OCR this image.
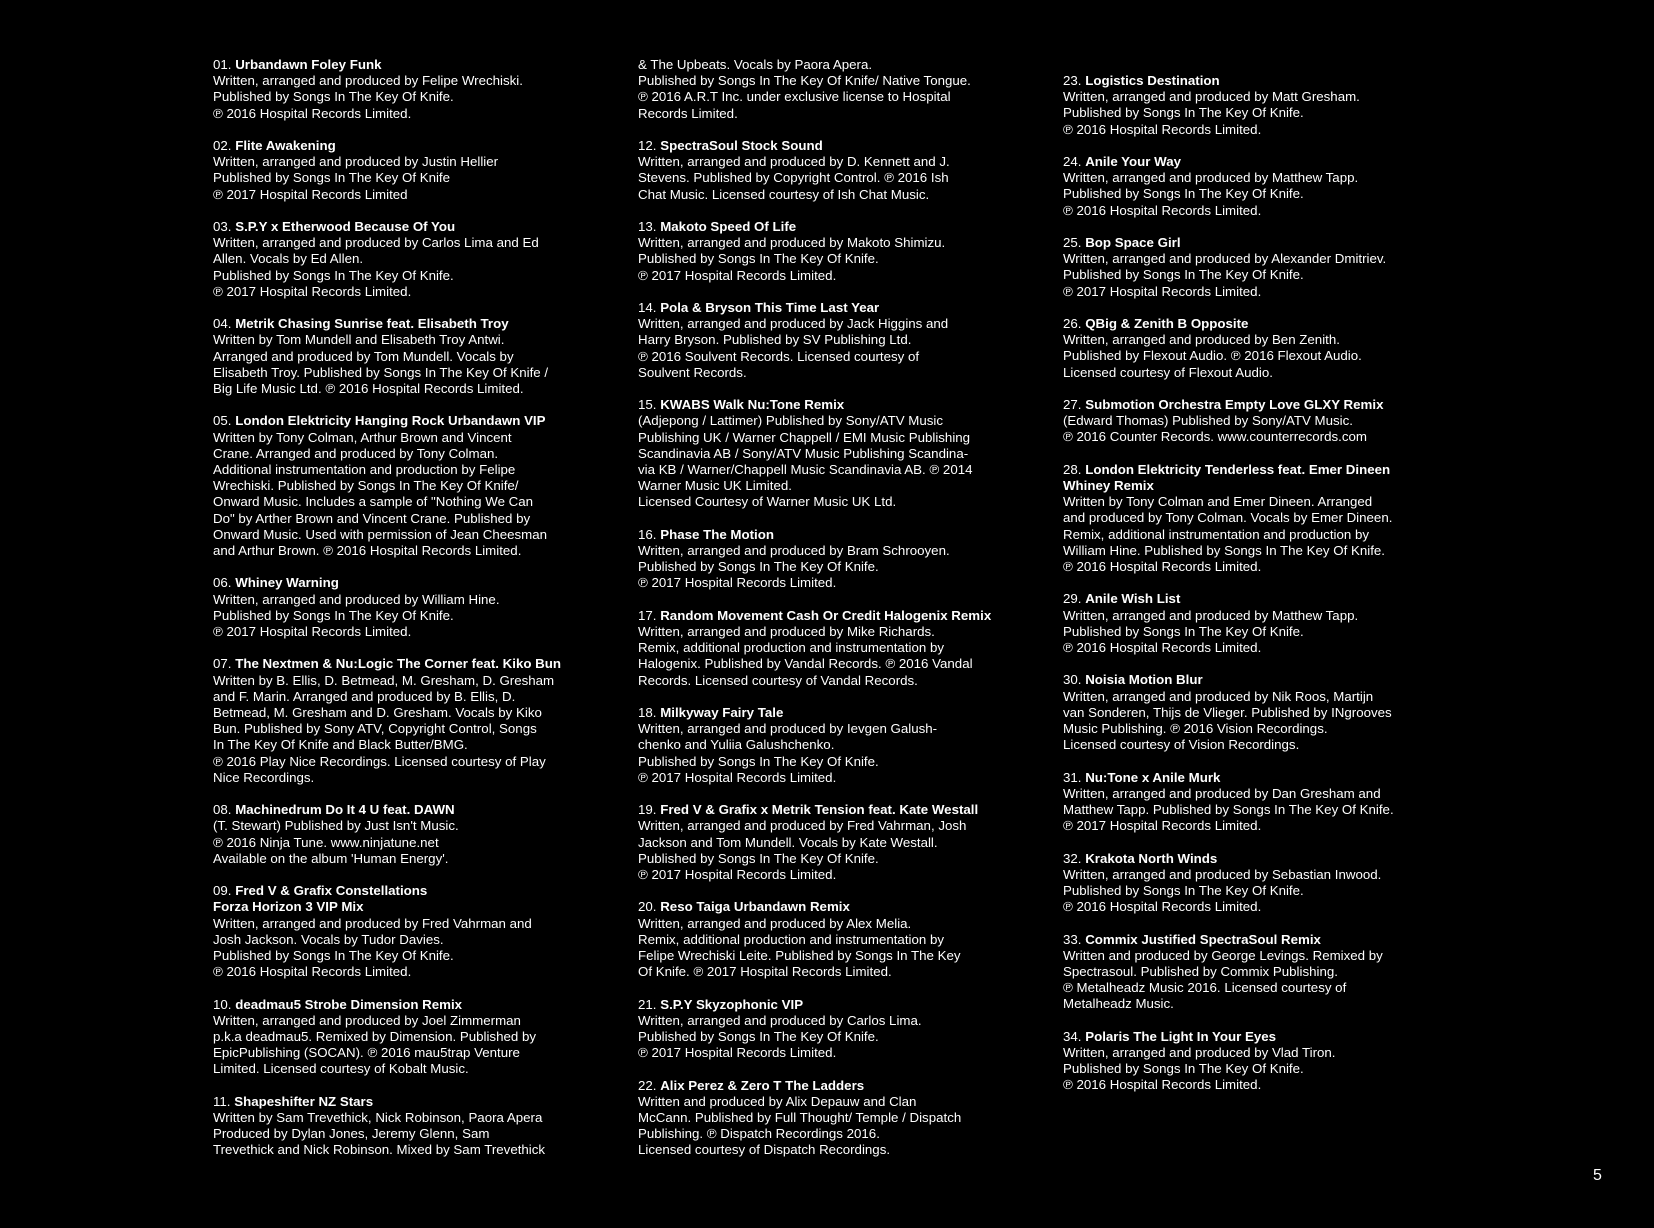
01. Urbandawn Foley Funk
Written, arranged and produced by Felipe Wrechiski.
Published by Songs In The Key Of Knife.
℗ 2016 Hospital Records Limited.
02. Flite Awakening
Written, arranged and produced by Justin Hellier
Published by Songs In The Key Of Knife
℗ 2017 Hospital Records Limited
03. S.P.Y x Etherwood Because Of You
Written, arranged and produced by Carlos Lima and Ed
Allen. Vocals by Ed Allen.
Published by Songs In The Key Of Knife.
℗ 2017 Hospital Records Limited.
04. Metrik Chasing Sunrise feat. Elisabeth Troy
Written by Tom Mundell and Elisabeth Troy Antwi.
Arranged and produced by Tom Mundell. Vocals by
Elisabeth Troy. Published by Songs In The Key Of Knife /
Big Life Music Ltd. ℗ 2016 Hospital Records Limited.
05. London Elektricity Hanging Rock Urbandawn VIP
Written by Tony Colman, Arthur Brown and Vincent
Crane. Arranged and produced by Tony Colman.
Additional instrumentation and production by Felipe
Wrechiski. Published by Songs In The Key Of Knife/
Onward Music. Includes a sample of "Nothing We Can
Do" by Arther Brown and Vincent Crane. Published by
Onward Music. Used with permission of Jean Cheesman
and Arthur Brown. ℗ 2016 Hospital Records Limited.
06. Whiney Warning
Written, arranged and produced by William Hine.
Published by Songs In The Key Of Knife.
℗ 2017 Hospital Records Limited.
07. The Nextmen & Nu:Logic The Corner feat. Kiko Bun
Written by B. Ellis, D. Betmead, M. Gresham, D. Gresham
and F. Marin. Arranged and produced by B. Ellis, D.
Betmead, M. Gresham and D. Gresham. Vocals by Kiko
Bun. Published by Sony ATV, Copyright Control, Songs
In The Key Of Knife and Black Butter/BMG.
℗ 2016 Play Nice Recordings. Licensed courtesy of Play
Nice Recordings.
08. Machinedrum Do It 4 U feat. DAWN
(T. Stewart) Published by Just Isn't Music.
℗ 2016 Ninja Tune. www.ninjatune.net
Available on the album 'Human Energy'.
09. Fred V & Grafix Constellations
Forza Horizon 3 VIP Mix
Written, arranged and produced by Fred Vahrman and
Josh Jackson. Vocals by Tudor Davies.
Published by Songs In The Key Of Knife.
℗ 2016 Hospital Records Limited.
10. deadmau5 Strobe Dimension Remix
Written, arranged and produced by Joel Zimmerman
p.k.a deadmau5. Remixed by Dimension. Published by
EpicPublishing (SOCAN). ℗ 2016 mau5trap Venture
Limited. Licensed courtesy of Kobalt Music.
11. Shapeshifter NZ Stars
Written by Sam Trevethick, Nick Robinson, Paora Apera
Produced by Dylan Jones, Jeremy Glenn, Sam
Trevethick and Nick Robinson. Mixed by Sam Trevethick
& The Upbeats. Vocals by Paora Apera.
Published by Songs In The Key Of Knife/ Native Tongue.
℗ 2016 A.R.T Inc. under exclusive license to Hospital
Records Limited.
12. SpectraSoul Stock Sound
Written, arranged and produced by D. Kennett and J.
Stevens. Published by Copyright Control. ℗ 2016 Ish
Chat Music. Licensed courtesy of Ish Chat Music.
13. Makoto Speed Of Life
Written, arranged and produced by Makoto Shimizu.
Published by Songs In The Key Of Knife.
℗ 2017 Hospital Records Limited.
14. Pola & Bryson This Time Last Year
Written, arranged and produced by Jack Higgins and
Harry Bryson. Published by SV Publishing Ltd.
℗ 2016 Soulvent Records. Licensed courtesy of
Soulvent Records.
15. KWABS Walk Nu:Tone Remix
(Adjepong / Lattimer) Published by Sony/ATV Music
Publishing UK / Warner Chappell / EMI Music Publishing
Scandinavia AB / Sony/ATV Music Publishing Scandina-
via KB / Warner/Chappell Music Scandinavia AB. ℗ 2014
Warner Music UK Limited.
Licensed Courtesy of Warner Music UK Ltd.
16. Phase The Motion
Written, arranged and produced by Bram Schrooyen.
Published by Songs In The Key Of Knife.
℗ 2017 Hospital Records Limited.
17. Random Movement Cash Or Credit Halogenix Remix
Written, arranged and produced by Mike Richards.
Remix, additional production and instrumentation by
Halogenix. Published by Vandal Records. ℗ 2016 Vandal
Records. Licensed courtesy of Vandal Records.
18. Milkyway Fairy Tale
Written, arranged and produced by Ievgen Galush-
chenko and Yuliia Galushchenko.
Published by Songs In The Key Of Knife.
℗ 2017 Hospital Records Limited.
19. Fred V & Grafix x Metrik Tension feat. Kate Westall
Written, arranged and produced by Fred Vahrman, Josh
Jackson and Tom Mundell. Vocals by Kate Westall.
Published by Songs In The Key Of Knife.
℗ 2017 Hospital Records Limited.
20. Reso Taiga Urbandawn Remix
Written, arranged and produced by Alex Melia.
Remix, additional production and instrumentation by
Felipe Wrechiski Leite. Published by Songs In The Key
Of Knife. ℗ 2017 Hospital Records Limited.
21. S.P.Y Skyzophonic VIP
Written, arranged and produced by Carlos Lima.
Published by Songs In The Key Of Knife.
℗ 2017 Hospital Records Limited.
22. Alix Perez & Zero T The Ladders
Written and produced by Alix Depauw and Clan
McCann. Published by Full Thought/ Temple / Dispatch
Publishing. ℗ Dispatch Recordings 2016.
Licensed courtesy of Dispatch Recordings.
23. Logistics Destination
Written, arranged and produced by Matt Gresham.
Published by Songs In The Key Of Knife.
℗ 2016 Hospital Records Limited.
24. Anile Your Way
Written, arranged and produced by Matthew Tapp.
Published by Songs In The Key Of Knife.
℗ 2016 Hospital Records Limited.
25. Bop Space Girl
Written, arranged and produced by Alexander Dmitriev.
Published by Songs In The Key Of Knife.
℗ 2017 Hospital Records Limited.
26. QBig & Zenith B Opposite
Written, arranged and produced by Ben Zenith.
Published by Flexout Audio. ℗ 2016 Flexout Audio.
Licensed courtesy of Flexout Audio.
27. Submotion Orchestra Empty Love GLXY Remix
(Edward Thomas) Published by Sony/ATV Music.
℗ 2016 Counter Records. www.counterrecords.com
28. London Elektricity Tenderless feat. Emer Dineen
Whiney Remix
Written by Tony Colman and Emer Dineen. Arranged
and produced by Tony Colman. Vocals by Emer Dineen.
Remix, additional instrumentation and production by
William Hine. Published by Songs In The Key Of Knife.
℗ 2016 Hospital Records Limited.
29. Anile Wish List
Written, arranged and produced by Matthew Tapp.
Published by Songs In The Key Of Knife.
℗ 2016 Hospital Records Limited.
30. Noisia Motion Blur
Written, arranged and produced by Nik Roos, Martijn
van Sonderen, Thijs de Vlieger. Published by INgrooves
Music Publishing. ℗ 2016 Vision Recordings.
Licensed courtesy of Vision Recordings.
31. Nu:Tone x Anile Murk
Written, arranged and produced by Dan Gresham and
Matthew Tapp. Published by Songs In The Key Of Knife.
℗ 2017 Hospital Records Limited.
32. Krakota North Winds
Written, arranged and produced by Sebastian Inwood.
Published by Songs In The Key Of Knife.
℗ 2016 Hospital Records Limited.
33. Commix Justified SpectraSoul Remix
Written and produced by George Levings. Remixed by
Spectrasoul. Published by Commix Publishing.
℗ Metalheadz Music 2016. Licensed courtesy of
Metalheadz Music.
34. Polaris The Light In Your Eyes
Written, arranged and produced by Vlad Tiron.
Published by Songs In The Key Of Knife.
℗ 2016 Hospital Records Limited.
5
